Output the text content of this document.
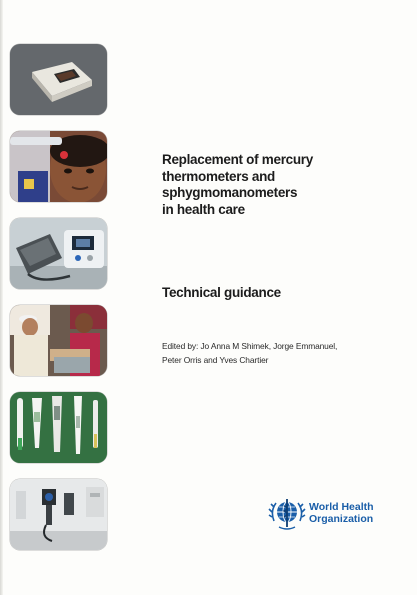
Replacement of mercury
thermometers and
sphygmomanometers
in health care
Technical guidance
Edited by: Jo Anna M Shimek, Jorge Emmanuel,
Peter Orris and Yves Chartier
World Health
Organization
